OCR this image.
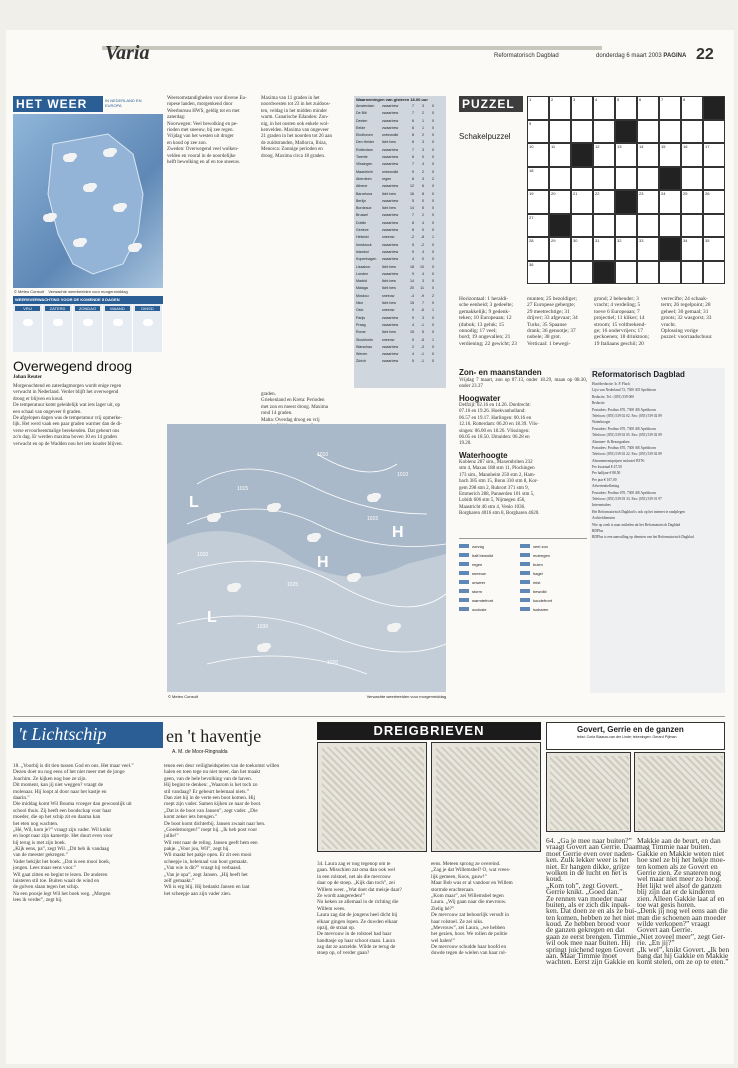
Varia	Reformatorisch Dagblad	donderdag 6 maart 2003 PAGINA 22
HET WEER	IN NEDERLAND EN EUROPA
© Meteo Consult Verwachte weerbeelden voor morgenmiddag
WEERSVERWACHTING VOOR DE KOMENDE 5 DAGEN
VRIJ	ZATERD	ZONDAG	MAAND	DINSD
Overwegend droog
Johan Reuter
Morgenochtend en zaterdagmorgen wordt enige regen
verwacht in Nederland. Verder blijft het overwegend
droog er blijven en koud.
De temperatuur komt geleidelijk wat iets lager uit, op
een schaal van ongeveer 8 graden.
De afgelopen dagen was de temperatuur vrij opmerke-
lijk. Het werd vaak een paar graden warmer dan de di-
verse ervoorheenmalige berekenden. Dat gebeurt ons
zo'n dag. Er werden maxima boven 10 en 14 graden
verwacht en op de Wadden nou het iets kouder blijven.
Weersomstandigheden voor diverse Eu-
ropese landen, morgenkend door
Weerbureau HWS, geldig tot en met
zaterdag:
Noorwegen: Veel bewolking en pe-
rioden met sneeuw, bij zee regen.
Vrijdag van het westen uit droger
en koud op zee zon.
Zweden: Overwegend veel wolken-
velden en vooral in de noordelijke
helft bewolking en af en toe sneeuw.
Maxima van 11 graden in het
noordwesten tot 23 in het zuidoos-
ten, veldag in het midden minder
warm. Canarische Eilanden: Zon-
nig, in het oosten ook enkele wol-
kenvelden. Maxima van ongeveer
21 graden in het noorden tot 26 aan
de zuidstranden, Mallorca, Ibiza,
Menorca: Zonnige perioden en
droog. Maxima circa 18 graden.
graden.
Griekenland en Kreta: Perioden
met zon en meest droog. Maxima
rond 14 graden.
Malta: Overdag droog en vrij
Waarnemingen van gisteren 18.00 uur
Amsterdam	zwaarbew	7	3	0
De Bilt	zwaarbew	7	2	0
Deelen	zwaarbew	6	1	0
Eelde	zwaarbew	6	1	0
Eindhoven	onbewolkt	8	2	0
Den Helder	licht bew	6	3	0
Rotterdam	zwaarbew	7	3	0
Twente	zwaarbew	6	0	0
Vlissingen	zwaarbew	7	4	0
Maastricht	onbewolkt	9	2	0
Aberdeen	regen	6	3	2
Athene	zwaarbew	12	6	0
Barcelona	licht bew	16	8	0
Berlijn	zwaarbew	5	0	0
Bordeaux	licht bew	14	5	0
Brussel	zwaarbew	7	2	0
Dublin	zwaarbew	8	4	0
Genève	zwaarbew	6	0	0
Helsinki	sneeuw	-2	-8	1
Innsbruck	zwaarbew	5	-2	0
Istanbul	zwaarbew	9	4	0
Kopenhagen	zwaarbew	4	0	0
Lissabon	licht bew	18	10	0
Londen	zwaarbew	9	4	0
Madrid	licht bew	14	3	0
Malaga	licht bew	20	11	0
Moskou	sneeuw	-4	-9	2
Nice	licht bew	15	7	0
Oslo	sneeuw	0	-6	1
Parijs	zwaarbew	9	3	0
Praag	zwaarbew	4	-1	0
Rome	licht bew	15	5	0
Stockholm	sneeuw	0	-5	1
Warschau	zwaarbew	2	-3	0
Wenen	zwaarbew	4	-1	0
Zürich	zwaarbew	5	-1	0
1010
1015
1015
1020
1025
1030
1010
1020
L
H
L
H
© Meteo Consult	Verwachte weerbeelden voor morgenmiddag
PUZZEL
Schakelpuzzel
1	2	3	4	5	6	7	8
9
10	11	12	13	14	15	16	17
18
19	20	21	22	23	24	25	26
27
28	29	30	31	32	33	34	35
36
Horizontaal: 1 heraldi-
sche eenheid; 3 gedeelte;
gemakkelijk; 9 gedenk-
teken; 10 Europeaan; 12
(dubuk; 13 geluk; 15
onnodig; 17 veel;
bord; 19 ongevallen; 21
verdiening; 22 gewicht; 23
munten; 25 bezoldiger;
27 Europese gebergte;
29 meetrechtige; 31
drijver; 33 afgevaar; 34
Turks; 35 Spaanse
drank; 36 genootje; 37
nobele; 38 grot.
Verticaal: 1 bewegi-
grond; 2 beheuder; 3
vracht; 4 verdeling; 5
toeve 6 Europeaan; 7
projectiel; 11 kliker; 14
stroom; 15 voltbrekend-
ge; 16 ondervrijers; 17
geckoenen; 18 drinktoon;
19 Italiaans geschil; 20
verrecifte; 24 schaak-
term; 26 regelpoint; 28
geheel; 30 gemaal; 31
groots; 32 wasgorst; 33
vrucht.
Oplossing vorige
puzzel: voorraadschuur.
Zon- en maanstanden
Vrijdag 7 maart, zon op 07.13, onder 18.29, maan op 08.30, onder 23.37
Hoogwater
Delfzijl: 02.16 en 14.26. Dordrecht:
07.16 en 19.26. Hoekvanholland:
06.57 en 19.17. Harlingen: 00.16 en
12.16. Rotterdam: 06.20 en 18.39. Vlis-
singen: 06.00 en 18.26. Vlissingen:
06.05 en 18.50. IJmuiden: 06.28 en
19.20.
Waterhoogte
Koblenz 287 sim., Maxembriten 232
stm 4, Maxau 188 stm 11, Plochingen
173 sim., Mannheim 250 stm 2, Ham-
bach 385 stm 15, Bonn 330 stm 8, Kor-
gem 298 stm 2, Ruhrort 371 stm 9,
Emmerich 288, Pannerden 101 stm 5,
Lobith 606 stm 5, Nijmegen 456,
Maastricht 46 stm 4, Venlo 1036.
Borgharen 4016 stm 8, Borgharen 4620.
zonnig	veel zon
half bewolkt	motregen
regen	buien
sneeuw	hagel
onweer	mist
storm	bewolkt
warmtefront	koudefront
occlusie	isobaren
Reformatorisch Dagblad
Hoofdredactie: Ir. P. Flach
Lijst van Nederland 72, 7300 AD Apeldoorn
Redactie, Tel.: (055) 539 000
Redactie
Postadres: Postbus 670, 7300 AR Apeldoorn
Telefoon: (055) 539 02 02. Fax: (055) 539 02 89
Waterhoogte
Postadres: Postbus 670, 7300 AR Apeldoorn
Telefoon: (055) 539 02 05. Fax: (055) 539 02 89
Abonnee- & Bezorgzaken
Postadres: Postbus 670, 7300 AR Apeldoorn
Telefoon: (055) 539 02 22. Fax: (055) 539 02 89
Abonnementsprijzen inclusief BTW:
Per kwartaal € 47,50
Per halfjaar € 88,50
Per jaar € 167,00
Advertentiefbeting
Postadres: Postbus 670, 7300 AR Apeldoorn
Telefoon: (055) 539 03 33. Fax: (055) 539 01 97
Internetadres
Het Reformatorisch Dagblad is ook op het internet te raadplegen
Archiefdiensten
Wie op zoek is naar artikelen uit het Reformatorisch Dagblad
RDPlus
RDPlus is een aanvulling op diensten van het Reformatorisch Dagblad.
't Lichtschip	en 't haventje
A. M. de Moor-Ringnalda
18. „Voorbij is dit tien tussen God en ons. Het maar veel.”
Dezen doet nu nog eens of het niet meer met de jonge
Joachim. Ze kijken nog hoe ze zijn.
Dit moment, kan jij niet weggen? vraagt de
molenaar. Hij loopt al door naar het kastje en
daarin.”
Die middag komt Wil Bouma vroeger dan gewoonlijk uit
school thuis. Zij heeft een boodschap voor haar
moeder, die op het schip zit en daarna kan
het eten nog wachten.
„Hé, Wil, kom je?” vraagt zijn vader. Wil knikt
en loopt naar zijn kamertje. Het duurt even voor
hij terug is met zijn boek.
„Kijk eens, pa”, zegt Wil. „Dit heb ik vandaag
van de meester gekregen.”
Vader bekijkt het boek. „Dat is een mooi boek,
jongen. Lees maar eens voor.”
Wil gaat zitten en begint te lezen. De anderen
luisteren stil toe. Buiten waait de wind en
de golven slaan tegen het schip.
Na een poosje legt Wil het boek weg. „Morgen
lees ik verder”, zegt hij.
tenen een deur veiligheidspelen van de toekomst willen
halen en toen tege nu niet meer, dan het maakt
geen, van de hele bevolking van de haven.
Hij begint te denken: „Waarom is het toch zo
stil vandaag? Er gebeurt helemaal niets.”
Dan ziet hij in de verte een boot komen. Hij
roept zijn vader. Samen kijken ze naar de boot.
„Dat is de boot van Jansen”, zegt vader. „Die
komt zeker iets brengen.”
De boot komt dichterbij. Jansen zwaait naar hen.
„Goedemorgen!” roept hij. „Ik heb post voor
jullie!”
Wil rent naar de reling. Jansen geeft hem een
pakje. „Voor jou, Wil”, zegt hij.
Wil maakt het pakje open. Er zit een mooi
scheepje in, helemaal van hout gemaakt.
„Van wie is dit?” vraagt hij verbaasd.
„Van je opa”, zegt Jansen. „Hij heeft het
zelf gemaakt.”
Wil is erg blij. Hij bedankt Jansen en laat
het scheepje aan zijn vader zien.
DREIGBRIEVEN
34. Laura zag er nog tegenop om te
gaan. Misschien zat oma dan ook wel
in een rolstoel, net als die mevrouw
daar op de stoep. „Kijk dan toch”, zei
Willem weer. „Wat doet dat meisje daar?
Ze wordt aangereden!”
Nu keken ze allemaal in de richting die
Willem wees.
Laura zag dat de jongens heel dicht bij
elkaar gingen lopen. Ze duwden elkaar
opzij, de straat op.
De mevrouw in de rolstoel had haar
handtasje op haar schoot staan. Laura
zag dat ze aarzelde. Wilde ze terug de
stoep op, of verder gaan?
eens. Meteen sprong ze overeind.
„Zag je dat Willemsbel? O, wat vrees-
lijk gemeen, Koos, gauw!”
Maar Bob was er al vandoor en Willem
stormde erachteraan.
„Kom maar”, zei Willemsbel tegen
Laura. „Wij gaan naar die mevrouw.
Zielig hè?”
De mevrouw zat behoorlijk versuft in
haar rolstoel. Ze zei niks.
„Mevrouw”, zei Laura, „we hebben
het gezien, hoor. We rollen de politie
wel halen!”
De mevrouw schudde haar hoofd en
duwde tegen de wielen van haar rol-
Govert, Gerrie en de ganzen
tekst: Corla Blaauw-van der Linde; tekeningen: Gerard Pijlman
64. „Ga je mee naar buiten?”
vraagt Govert aan Gerrie. Daar
moet Gerrie even over naden-
ken. Zulk lekker weer is het
niet. Er hangen dikke, grijze
wolken in de lucht en het is
koud.
„Kom toh”, zegt Govert.
Gerrie knikt. „Goed dan.”
Ze rennen van moeder naar
buiten, als er zich dik inpak-
ken. Dat doen ze en als ze bui-
ten komen, hebben ze het niet
koud. Ze hebben brood voor
de ganzen gekregen en dat
gaan ze eerst brengen. Timmie
wil ook mee naar buiten. Hij
springt juichend tegen Govert
aan. Maar Timmie moet
wachten. Eerst zijn Gakkie en
Makkie aan de beurt, en dan
mag Timmie naar buiten.
Gakkie en Makkie weten niet
hoe snel ze bij het hekje moe-
ten komen als ze Govert en
Gerrie zien. Ze snateren nog
wel maar niet meer zo hoog.
Het lijkt wel alsof de ganzen
blij zijn dat er de kinderen
zien. Alleen Gakkie laat af en
toe wat gesis horen.
„Denk jij nog wel eens aan die
man die schoenen aan moeder
wilde verkopen?” vraagt
Govert aan Gerrie.
„Niet zoveel meer”, zegt Ger-
rie. „En jij?”
„Ik wel”, knikt Govert. „Ik ben
bang dat hij Gakkie en Makkie
komt stelen, om ze op te eten.”
